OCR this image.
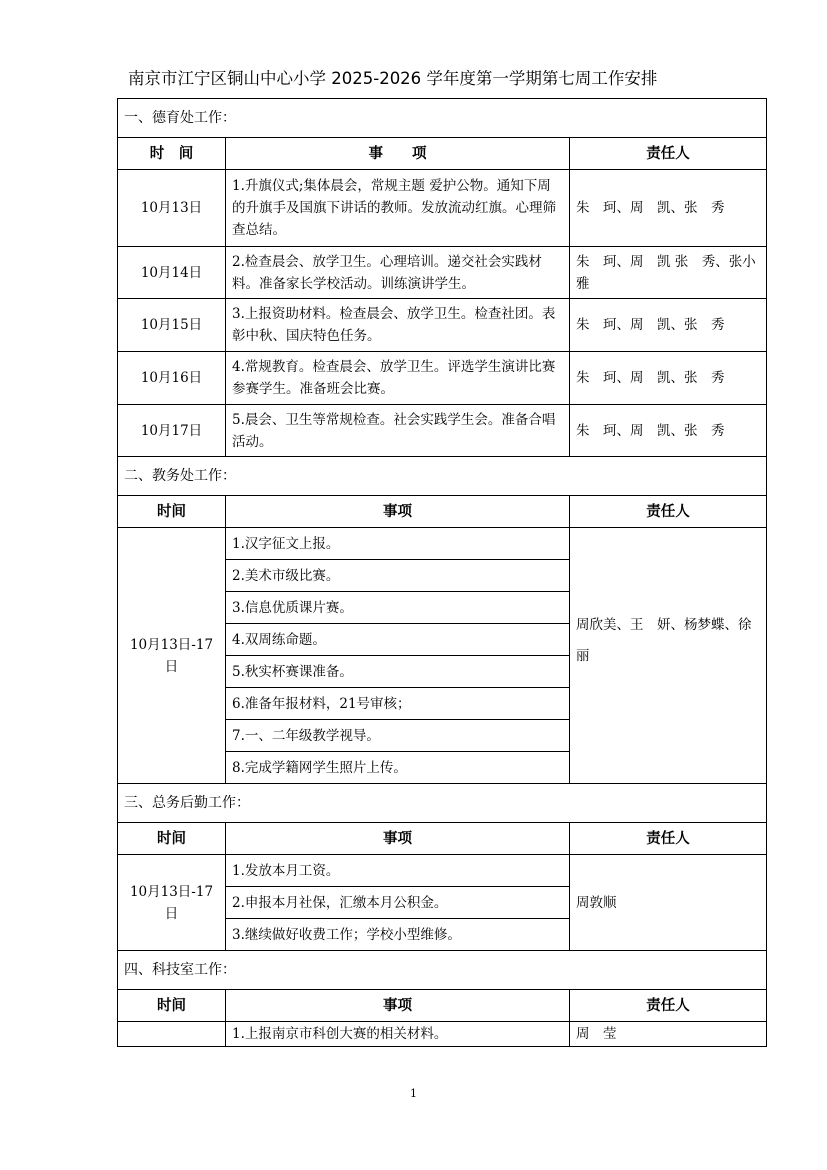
南京市江宁区铜山中心小学 2025-2026 学年度第一学期第七周工作安排
一、德育处工作：		
时　间	事　　项	责任人
10月13日	1.升旗仪式;集体晨会，常规主题 爱护公物。通知下周的升旗手及国旗下讲话的教师。发放流动红旗。心理筛查总结。	朱　珂、周　凯、张　秀
10月14日	2.检查晨会、放学卫生。心理培训。递交社会实践材料。准备家长学校活动。训练演讲学生。	朱　珂、周　凯 张　秀、张小雅
10月15日	3.上报资助材料。检查晨会、放学卫生。检查社团。表彰中秋、国庆特色任务。	朱　珂、周　凯、张　秀
10月16日	4.常规教育。检查晨会、放学卫生。评选学生演讲比赛参赛学生。准备班会比赛。	朱　珂、周　凯、张　秀
10月17日	5.晨会、卫生等常规检查。社会实践学生会。准备合唱活动。	朱　珂、周　凯、张　秀
二、教务处工作：		
时间	事项	责任人
10月13日-17日	1.汉字征文上报。	周欣美、王　妍、杨梦蝶、徐　丽
	2.美术市级比赛。	
	3.信息优质课片赛。	
	4.双周练命题。	
	5.秋实杯赛课准备。	
	6.准备年报材料，21号审核；	
	7.一、二年级教学视导。	
	8.完成学籍网学生照片上传。	
三、总务后勤工作：		
时间	事项	责任人
10月13日-17日	1.发放本月工资。	周敦顺
	2.申报本月社保，汇缴本月公积金。	
	3.继续做好收费工作；学校小型维修。	
四、科技室工作：		
时间	事项	责任人
	1.上报南京市科创大赛的相关材料。	周　莹
1
